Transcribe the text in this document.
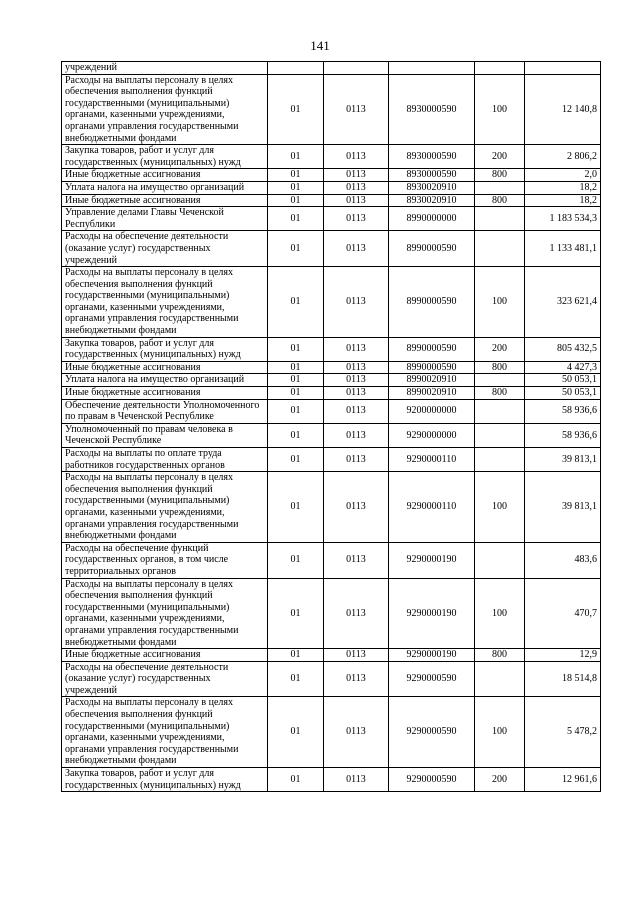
141
учреждений					
Расходы на выплаты персоналу в целях обеспечения выполнения функций государственными (муниципальными) органами, казенными учреждениями, органами управления государственными внебюджетными фондами	01	0113	8930000590	100	12 140,8
Закупка товаров, работ и услуг для государственных (муниципальных) нужд	01	0113	8930000590	200	2 806,2
Иные бюджетные ассигнования	01	0113	8930000590	800	2,0
Уплата налога на имущество организаций	01	0113	8930020910		18,2
Иные бюджетные ассигнования	01	0113	8930020910	800	18,2
Управление делами Главы Чеченской Республики	01	0113	8990000000		1 183 534,3
Расходы на обеспечение деятельности (оказание услуг) государственных учреждений	01	0113	8990000590		1 133 481,1
Расходы на выплаты персоналу в целях обеспечения выполнения функций государственными (муниципальными) органами, казенными учреждениями, органами управления государственными внебюджетными фондами	01	0113	8990000590	100	323 621,4
Закупка товаров, работ и услуг для государственных (муниципальных) нужд	01	0113	8990000590	200	805 432,5
Иные бюджетные ассигнования	01	0113	8990000590	800	4 427,3
Уплата налога на имущество организаций	01	0113	8990020910		50 053,1
Иные бюджетные ассигнования	01	0113	8990020910	800	50 053,1
Обеспечение деятельности Уполномоченного по правам в Чеченской Республике	01	0113	9200000000		58 936,6
Уполномоченный по правам человека в Чеченской Республике	01	0113	9290000000		58 936,6
Расходы на выплаты по оплате труда работников государственных органов	01	0113	9290000110		39 813,1
Расходы на выплаты персоналу в целях обеспечения выполнения функций государственными (муниципальными) органами, казенными учреждениями, органами управления государственными внебюджетными фондами	01	0113	9290000110	100	39 813,1
Расходы на обеспечение функций государственных органов, в том числе территориальных органов	01	0113	9290000190		483,6
Расходы на выплаты персоналу в целях обеспечения выполнения функций государственными (муниципальными) органами, казенными учреждениями, органами управления государственными внебюджетными фондами	01	0113	9290000190	100	470,7
Иные бюджетные ассигнования	01	0113	9290000190	800	12,9
Расходы на обеспечение деятельности (оказание услуг) государственных учреждений	01	0113	9290000590		18 514,8
Расходы на выплаты персоналу в целях обеспечения выполнения функций государственными (муниципальными) органами, казенными учреждениями, органами управления государственными внебюджетными фондами	01	0113	9290000590	100	5 478,2
Закупка товаров, работ и услуг для государственных (муниципальных) нужд	01	0113	9290000590	200	12 961,6
